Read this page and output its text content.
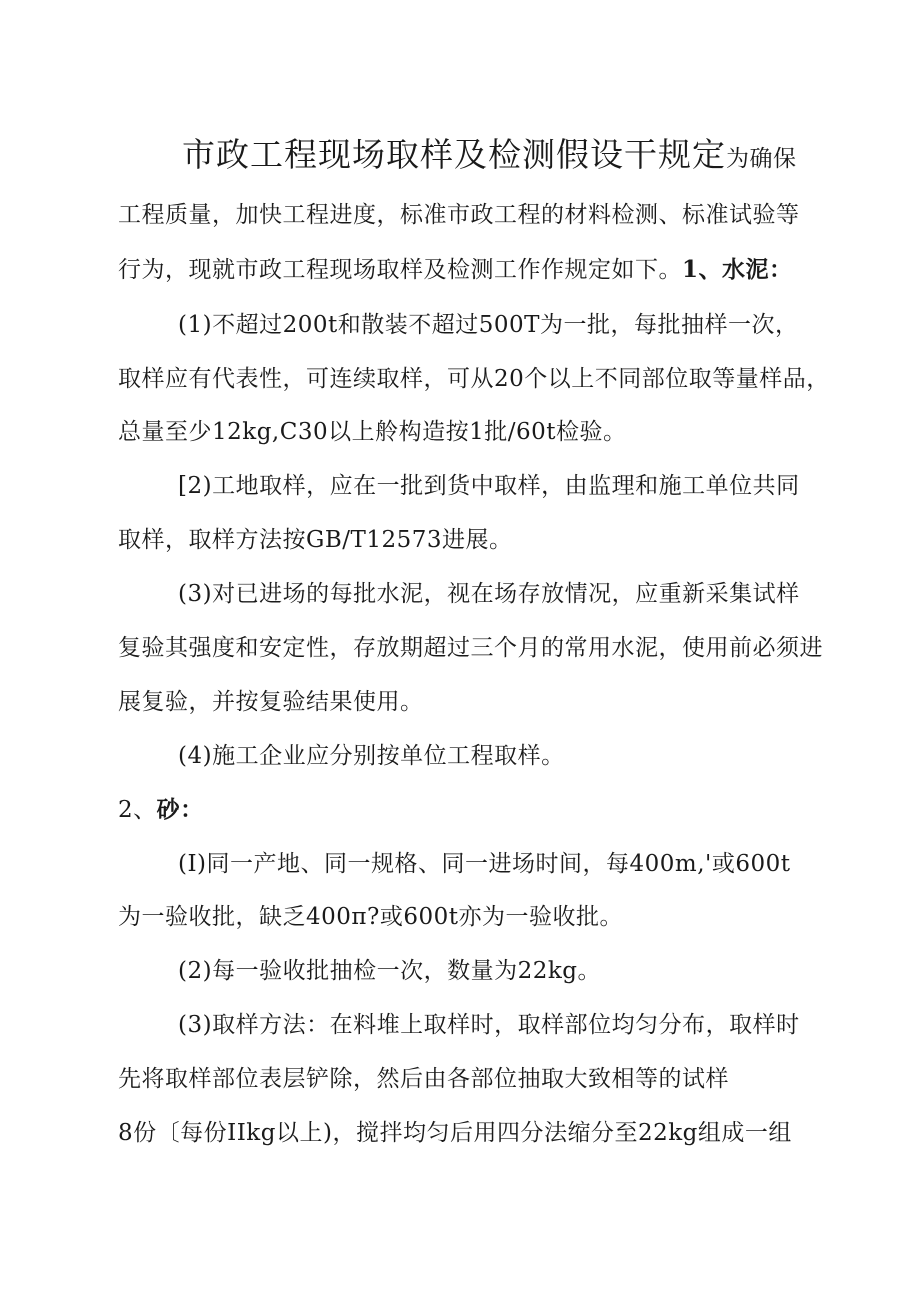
市政工程现场取样及检测假设干规定为确保
工程质量，加快工程进度，标准市政工程的材料检测、标准试验等
行为，现就市政工程现场取样及检测工作作规定如下。1、水泥：
(1)不超过200t和散装不超过500T为一批，每批抽样一次，
取样应有代表性，可连续取样，可从20个以上不同部位取等量样品，
总量至少12kg,C30以上舲构造按1批/60t检验。
[2)工地取样，应在一批到货中取样，由监理和施工单位共同
取样，取样方法按GB/T12573进展。
(3)对已进场的每批水泥，视在场存放情况，应重新采集试样
复验其强度和安定性，存放期超过三个月的常用水泥，使用前必须进
展复验，并按复验结果使用。
(4)施工企业应分别按单位工程取样。
2、砂：
(I)同一产地、同一规格、同一进场时间，每400m,'或600t
为一验收批，缺乏400π?或600t亦为一验收批。
(2)每一验收批抽检一次，数量为22kg。
(3)取样方法：在料堆上取样时，取样部位均匀分布，取样时
先将取样部位表层铲除，然后由各部位抽取大致相等的试样
8份〔每份IIkg以上)，搅拌均匀后用四分法缩分至22kg组成一组
